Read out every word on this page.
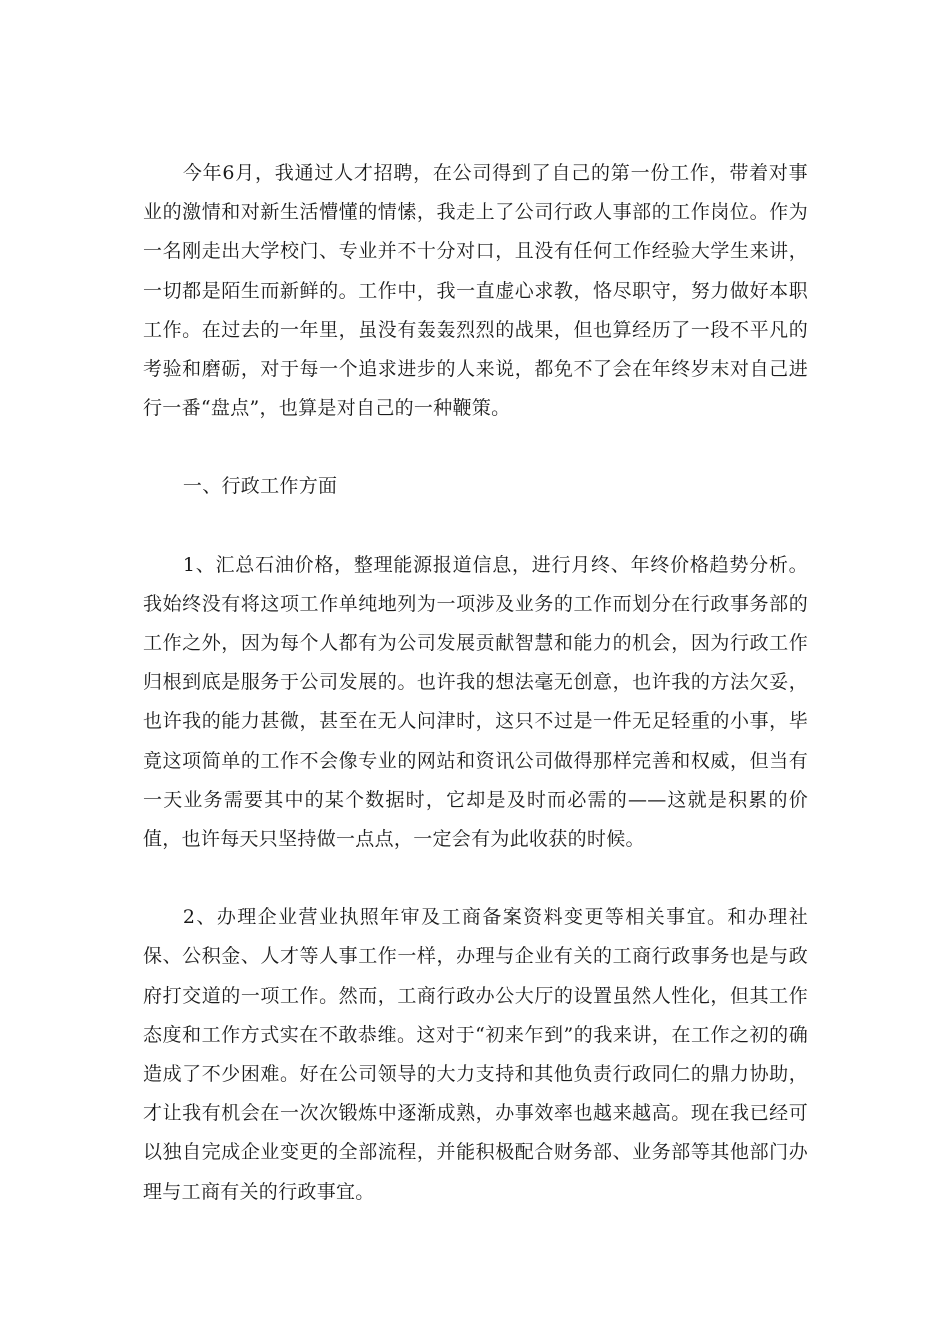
今年6月，我通过人才招聘，在公司得到了自己的第一份工作，带着对事业的激情和对新生活懵懂的情愫，我走上了公司行政人事部的工作岗位。作为一名刚走出大学校门、专业并不十分对口，且没有任何工作经验大学生来讲，一切都是陌生而新鲜的。工作中，我一直虚心求教，恪尽职守，努力做好本职工作。在过去的一年里，虽没有轰轰烈烈的战果，但也算经历了一段不平凡的考验和磨砺，对于每一个追求进步的人来说，都免不了会在年终岁末对自己进行一番“盘点”，也算是对自己的一种鞭策。

一、行政工作方面

1、汇总石油价格，整理能源报道信息，进行月终、年终价格趋势分析。我始终没有将这项工作单纯地列为一项涉及业务的工作而划分在行政事务部的工作之外，因为每个人都有为公司发展贡献智慧和能力的机会，因为行政工作归根到底是服务于公司发展的。也许我的想法毫无创意，也许我的方法欠妥，也许我的能力甚微，甚至在无人问津时，这只不过是一件无足轻重的小事，毕竟这项简单的工作不会像专业的网站和资讯公司做得那样完善和权威，但当有一天业务需要其中的某个数据时，它却是及时而必需的——这就是积累的价值，也许每天只坚持做一点点，一定会有为此收获的时候。

2、办理企业营业执照年审及工商备案资料变更等相关事宜。和办理社保、公积金、人才等人事工作一样，办理与企业有关的工商行政事务也是与政府打交道的一项工作。然而，工商行政办公大厅的设置虽然人性化，但其工作态度和工作方式实在不敢恭维。这对于“初来乍到”的我来讲，在工作之初的确造成了不少困难。好在公司领导的大力支持和其他负责行政同仁的鼎力协助，才让我有机会在一次次锻炼中逐渐成熟，办事效率也越来越高。现在我已经可以独自完成企业变更的全部流程，并能积极配合财务部、业务部等其他部门办理与工商有关的行政事宜。
